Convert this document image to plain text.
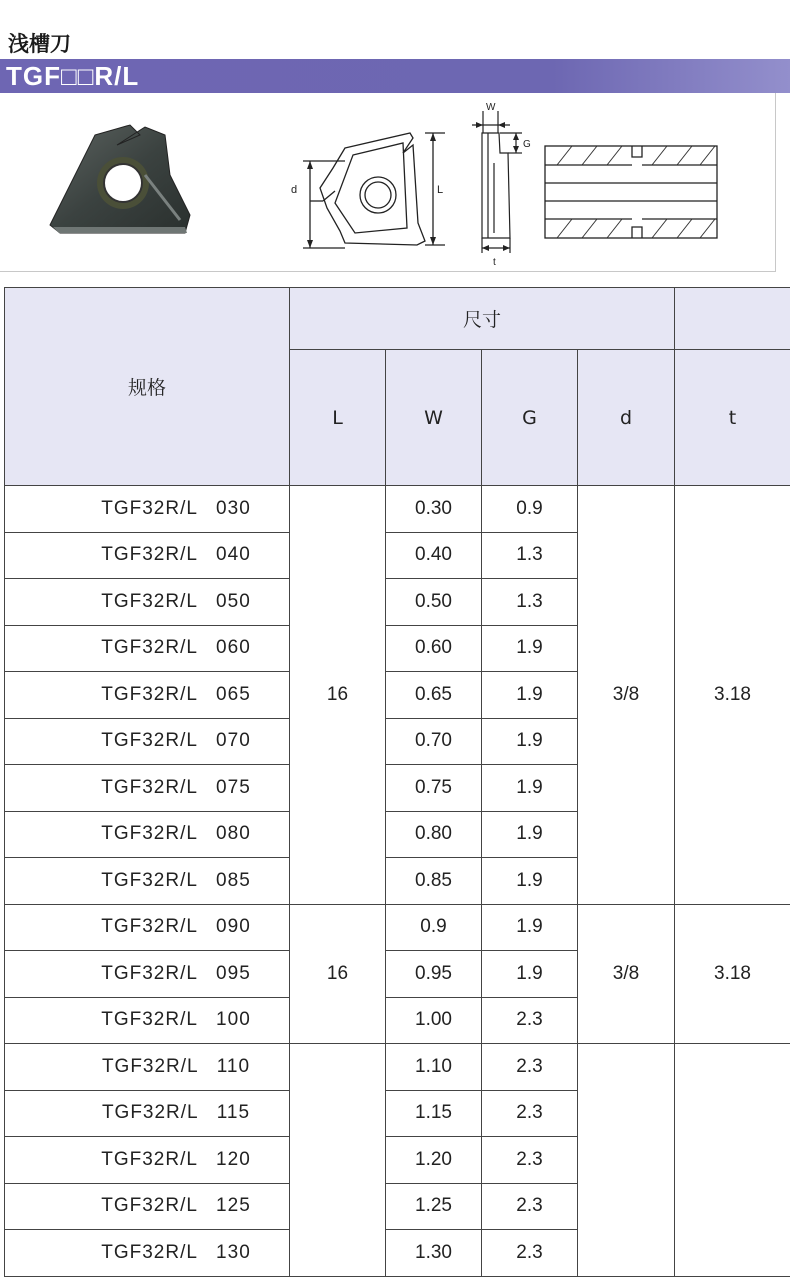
浅槽刀
TGF□□R/L
d	L
W
G
t
规格	尺寸				
	L	W	G	d	t
TGF32R/L   030	16	0.30	0.9	3/8	3.18
TGF32R/L   040		0.40	1.3		
TGF32R/L   050		0.50	1.3		
TGF32R/L   060		0.60	1.9		
TGF32R/L   065		0.65	1.9		
TGF32R/L   070		0.70	1.9		
TGF32R/L   075		0.75	1.9		
TGF32R/L   080		0.80	1.9		
TGF32R/L   085		0.85	1.9		
TGF32R/L   090	16	0.9	1.9	3/8	3.18
TGF32R/L   095		0.95	1.9		
TGF32R/L   100		1.00	2.3		
TGF32R/L   110		1.10	2.3		
TGF32R/L   115		1.15	2.3		
TGF32R/L   120		1.20	2.3		
TGF32R/L   125		1.25	2.3		
TGF32R/L   130		1.30	2.3		
